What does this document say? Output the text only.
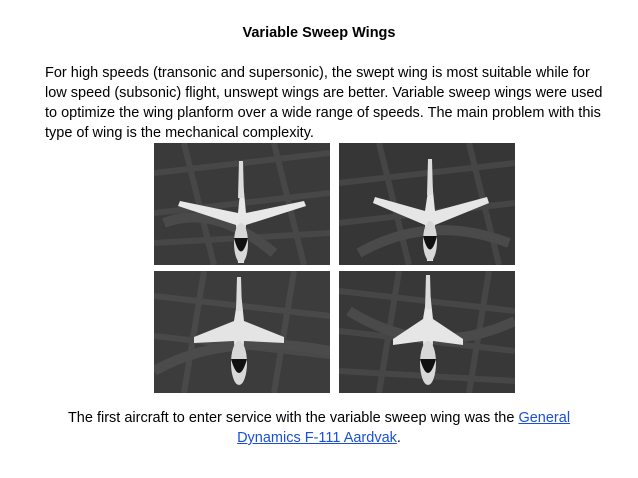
Variable Sweep Wings
For high speeds (transonic and supersonic), the swept wing is most suitable while for low speed (subsonic) flight, unswept wings are better. Variable sweep wings were used to optimize the wing planform over a wide range of speeds. The main problem with this type of wing is the mechanical complexity.
The first aircraft to enter service with the variable sweep wing was the General Dynamics F-111 Aardvak.
